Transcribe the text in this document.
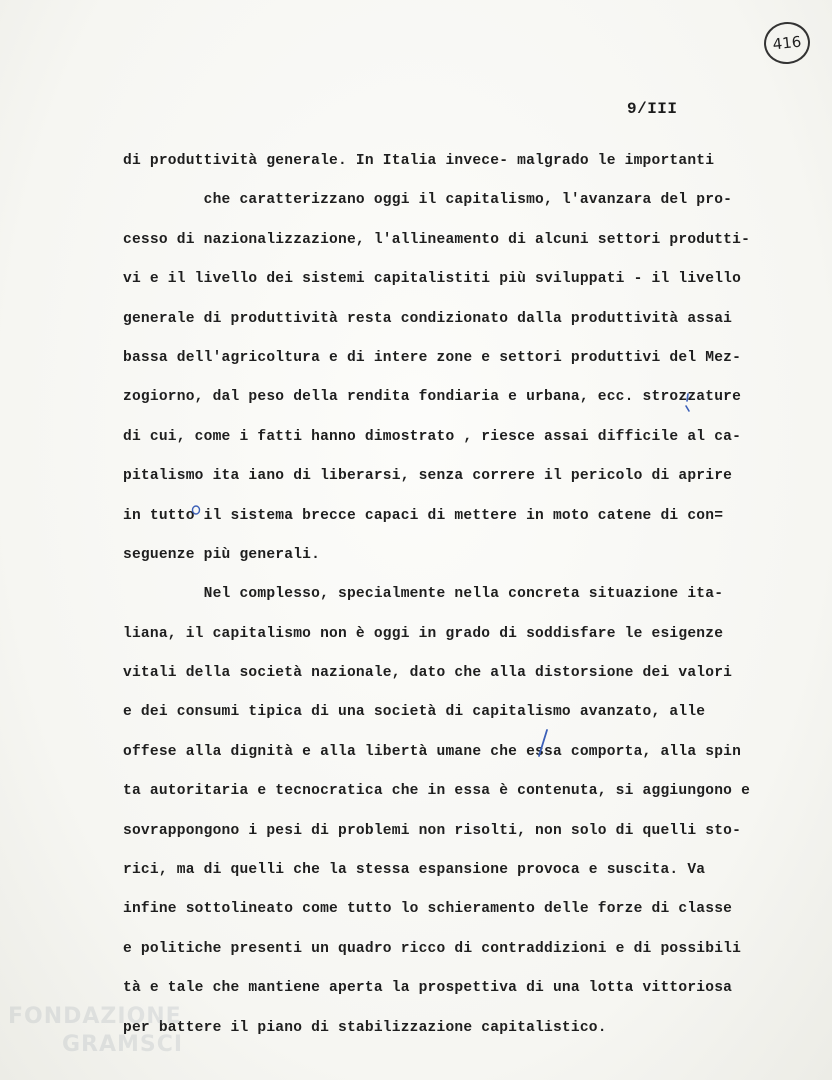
416
9/III
di produttività generale. In Italia invece- malgrado le importanti
che caratterizzano oggi il capitalismo, l'avanzara del pro-
cesso di nazionalizzazione, l'allineamento di alcuni settori produtti-
vi e il livello dei sistemi capitalistiti più sviluppati - il livello
generale di produttività resta condizionato dalla produttività assai
bassa dell'agricoltura e di intere zone e settori produttivi del Mez-
zogiorno, dal peso della rendita fondiaria e urbana, ecc. strozzature
di cui, come i fatti hanno dimostrato , riesce assai difficile al ca-
pitalismo ita iano di liberarsi, senza correre il pericolo di aprire
in tutto il sistema brecce capaci di mettere in moto catene di con=
seguenze più generali.
Nel complesso, specialmente nella concreta situazione ita-
liana, il capitalismo non è oggi in grado di soddisfare le esigenze
vitali della società nazionale, dato che alla distorsione dei valori
e dei consumi tipica di una società di capitalismo avanzato, alle
offese alla dignità e alla libertà umane che essa comporta, alla spin
ta autoritaria e tecnocratica che in essa è contenuta, si aggiungono e
sovrappongono i pesi di problemi non risolti, non solo di quelli sto-
rici, ma di quelli che la stessa espansione provoca e suscita. Va
infine sottolineato come tutto lo schieramento delle forze di classe
e politiche presenti un quadro ricco di contraddizioni e di possibili
tà e tale che mantiene aperta la prospettiva di una lotta vittoriosa
per battere il piano di stabilizzazione capitalistico.
FONDAZIONE
GRAMSCI
